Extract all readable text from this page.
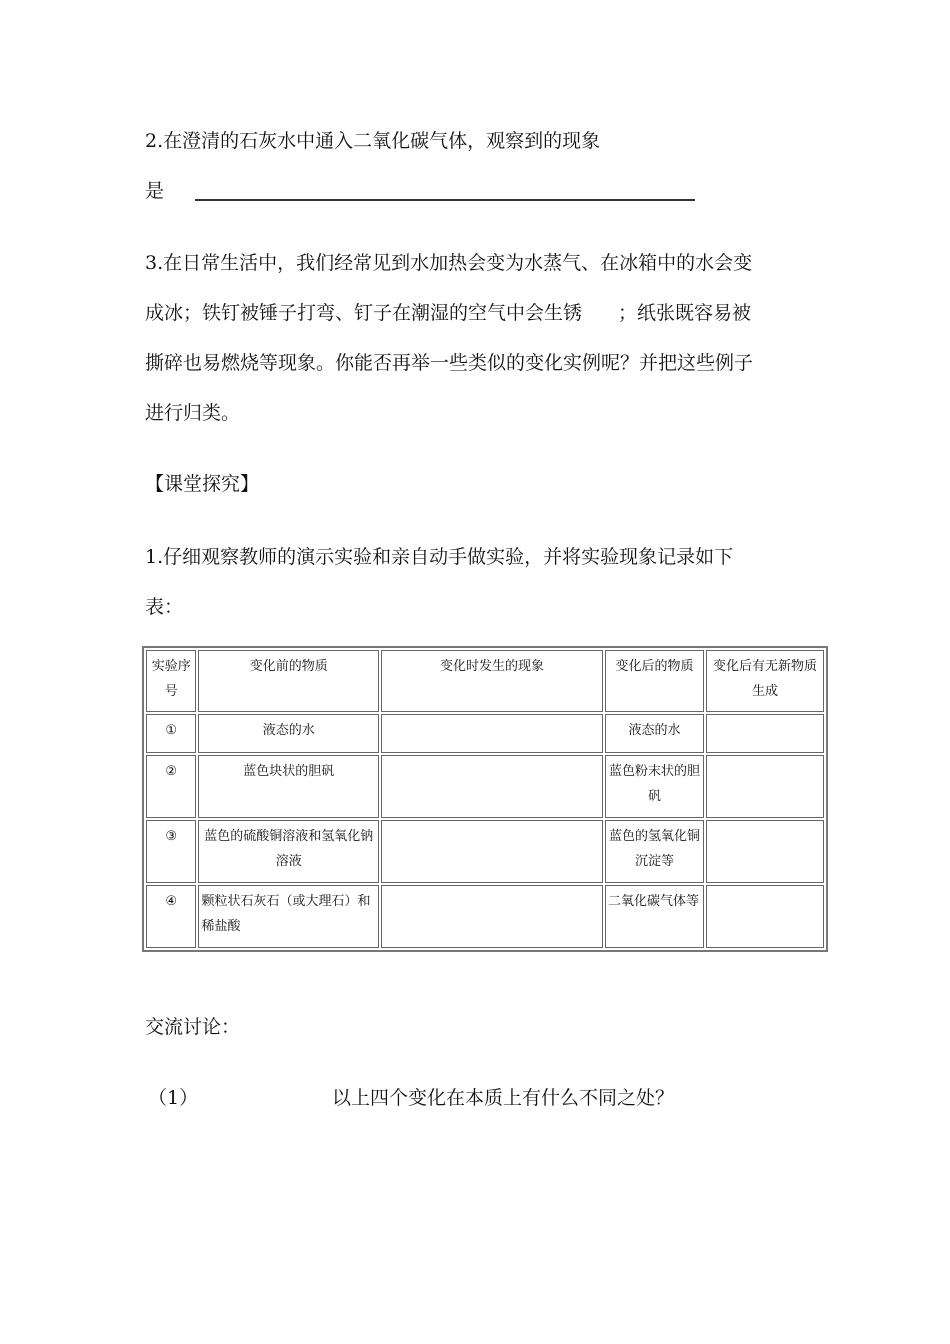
2.在澄清的石灰水中通入二氧化碳气体，观察到的现象
是
3.在日常生活中，我们经常见到水加热会变为水蒸气、在冰箱中的水会变
成冰；铁钉被锤子打弯、钉子在潮湿的空气中会生锈 ；纸张既容易被
撕碎也易燃烧等现象。你能否再举一些类似的变化实例呢？并把这些例子
进行归类。
【课堂探究】
1.仔细观察教师的演示实验和亲自动手做实验，并将实验现象记录如下
表：
实验序号	变化前的物质	变化时发生的现象	变化后的物质	变化后有无新物质生成
①	液态的水		液态的水	
②	蓝色块状的胆矾		蓝色粉末状的胆矾	
③	蓝色的硫酸铜溶液和氢氧化钠溶液		蓝色的氢氧化铜沉淀等	
④	颗粒状石灰石（或大理石）和稀盐酸		二氧化碳气体等	
交流讨论：
（1）	以上四个变化在本质上有什么不同之处？
